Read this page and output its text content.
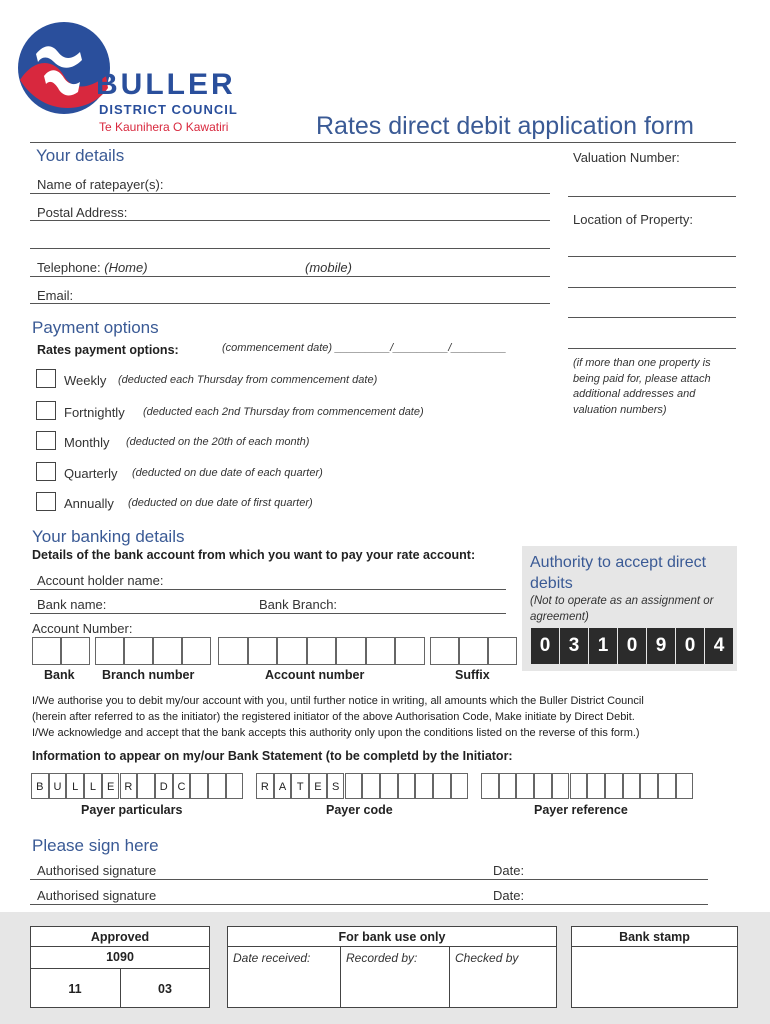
BULLER
DISTRICT COUNCIL
Te Kaunihera O Kawatiri	Rates direct debit application form
Your details
Name of ratepayer(s):
Postal Address:
Telephone: (Home)	(mobile)
Email:
Valuation Number:
Location of Property:
(if more than one property is being paid for, please attach additional addresses and valuation numbers)
Payment options
Rates payment options:	(commencement date) _________/_________/_________
Weekly (deducted each Thursday from commencement date)
Fortnightly (deducted each 2nd Thursday from commencement date)
Monthly (deducted on the 20th of each month)
Quarterly (deducted on due date of each quarter)
Annually (deducted on due date of first quarter)
Your banking details
Details of the bank account from which you want to pay your rate account:
Account holder name:
Bank name:	Bank Branch:
Account Number:
Bank Branch number	Account number	Suffix
Authority to accept direct debits
(Not to operate as an assignment or agreement)
0 3 1 0 9 0 4
I/We authorise you to debit my/our account with you, until further notice in writing, all amounts which the Buller District Council
(herein after referred to as the initiator) the registered initiator of the above Authorisation Code, Make initiate by Direct Debit.
I/We acknowledge and accept that the bank accepts this authority only upon the conditions listed on the reverse of this form.)
Information to appear on my/our Bank Statement (to be completd by the Initiator:
B U L	L E R	D C	R A T E S
Payer particulars	Payer code	Payer reference
Please sign here
Authorised signature	Date:
Authorised signature	Date:
Approved
1090
11	03
For bank use only
Date received:	Recorded by:	Checked by
Bank stamp
